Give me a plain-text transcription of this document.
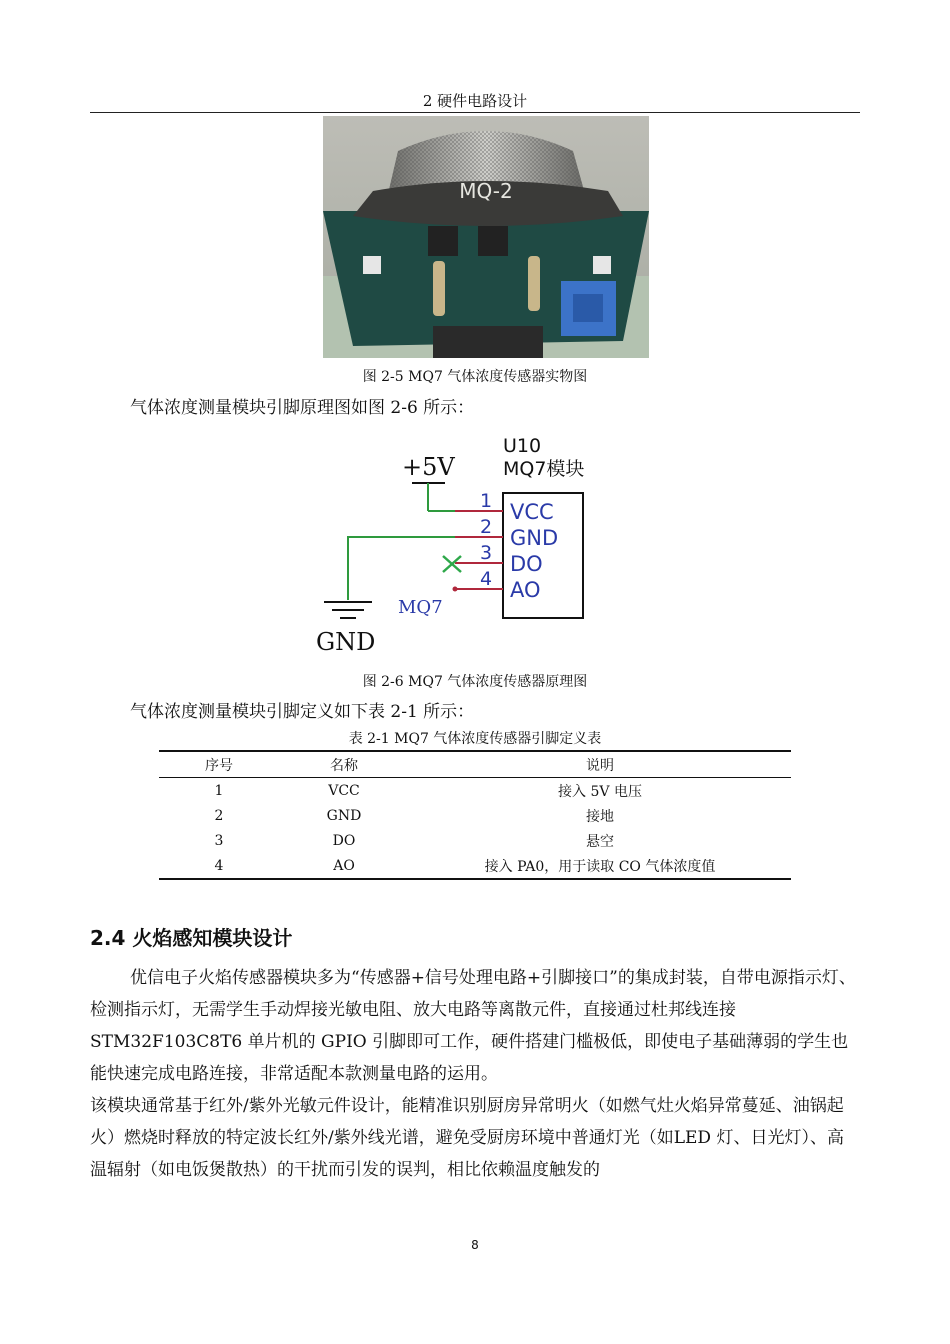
2 硬件电路设计
MQ-2
图 2-5 MQ7 气体浓度传感器实物图
气体浓度测量模块引脚原理图如图 2-6 所示：
U10
MQ7模块
+5V
1
2
3
4
VCC
GND
DO
AO
GND
MQ7
图 2-6 MQ7 气体浓度传感器原理图
气体浓度测量模块引脚定义如下表 2-1 所示：
表 2-1 MQ7 气体浓度传感器引脚定义表
序号	名称	说明
1	VCC	接入 5V 电压
2	GND	接地
3	DO	悬空
4	AO	接入 PA0，用于读取 CO 气体浓度值
2.4 火焰感知模块设计
优信电子火焰传感器模块多为“传感器+信号处理电路+引脚接口”的集成封装，自带电源指示灯、检测指示灯，无需学生手动焊接光敏电阻、放大电路等离散元件，直接通过杜邦线连接 STM32F103C8T6 单片机的 GPIO 引脚即可工作，硬件搭建门槛极低，即使电子基础薄弱的学生也能快速完成电路连接，非常适配本款测量电路的运用。
该模块通常基于红外/紫外光敏元件设计，能精准识别厨房异常明火（如燃气灶火焰异常蔓延、油锅起火）燃烧时释放的特定波长红外/紫外线光谱，避免受厨房环境中普通灯光（如LED 灯、日光灯）、高温辐射（如电饭煲散热）的干扰而引发的误判，相比依赖温度触发的
8
